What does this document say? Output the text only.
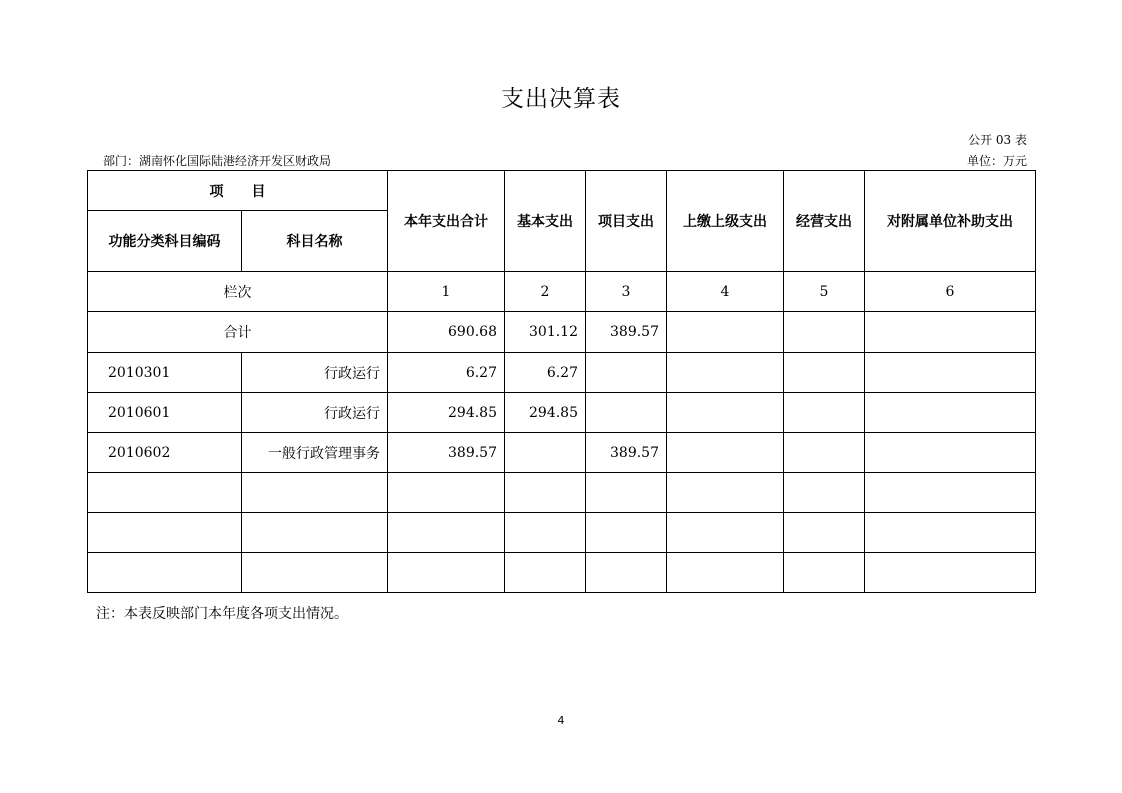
支出决算表
公开 03 表
部门：湖南怀化国际陆港经济开发区财政局	单位：万元
项　　目		本年支出合计	基本支出	项目支出	上缴上级支出	经营支出	对附属单位补助支出
功能分类科目编码	科目名称						
栏次		1	2	3	4	5	6
合计		690.68	301.12	389.57			
2010301	行政运行	6.27	6.27				
2010601	行政运行	294.85	294.85				
2010602	一般行政管理事务	389.57		389.57			

注：本表反映部门本年度各项支出情况。
4
